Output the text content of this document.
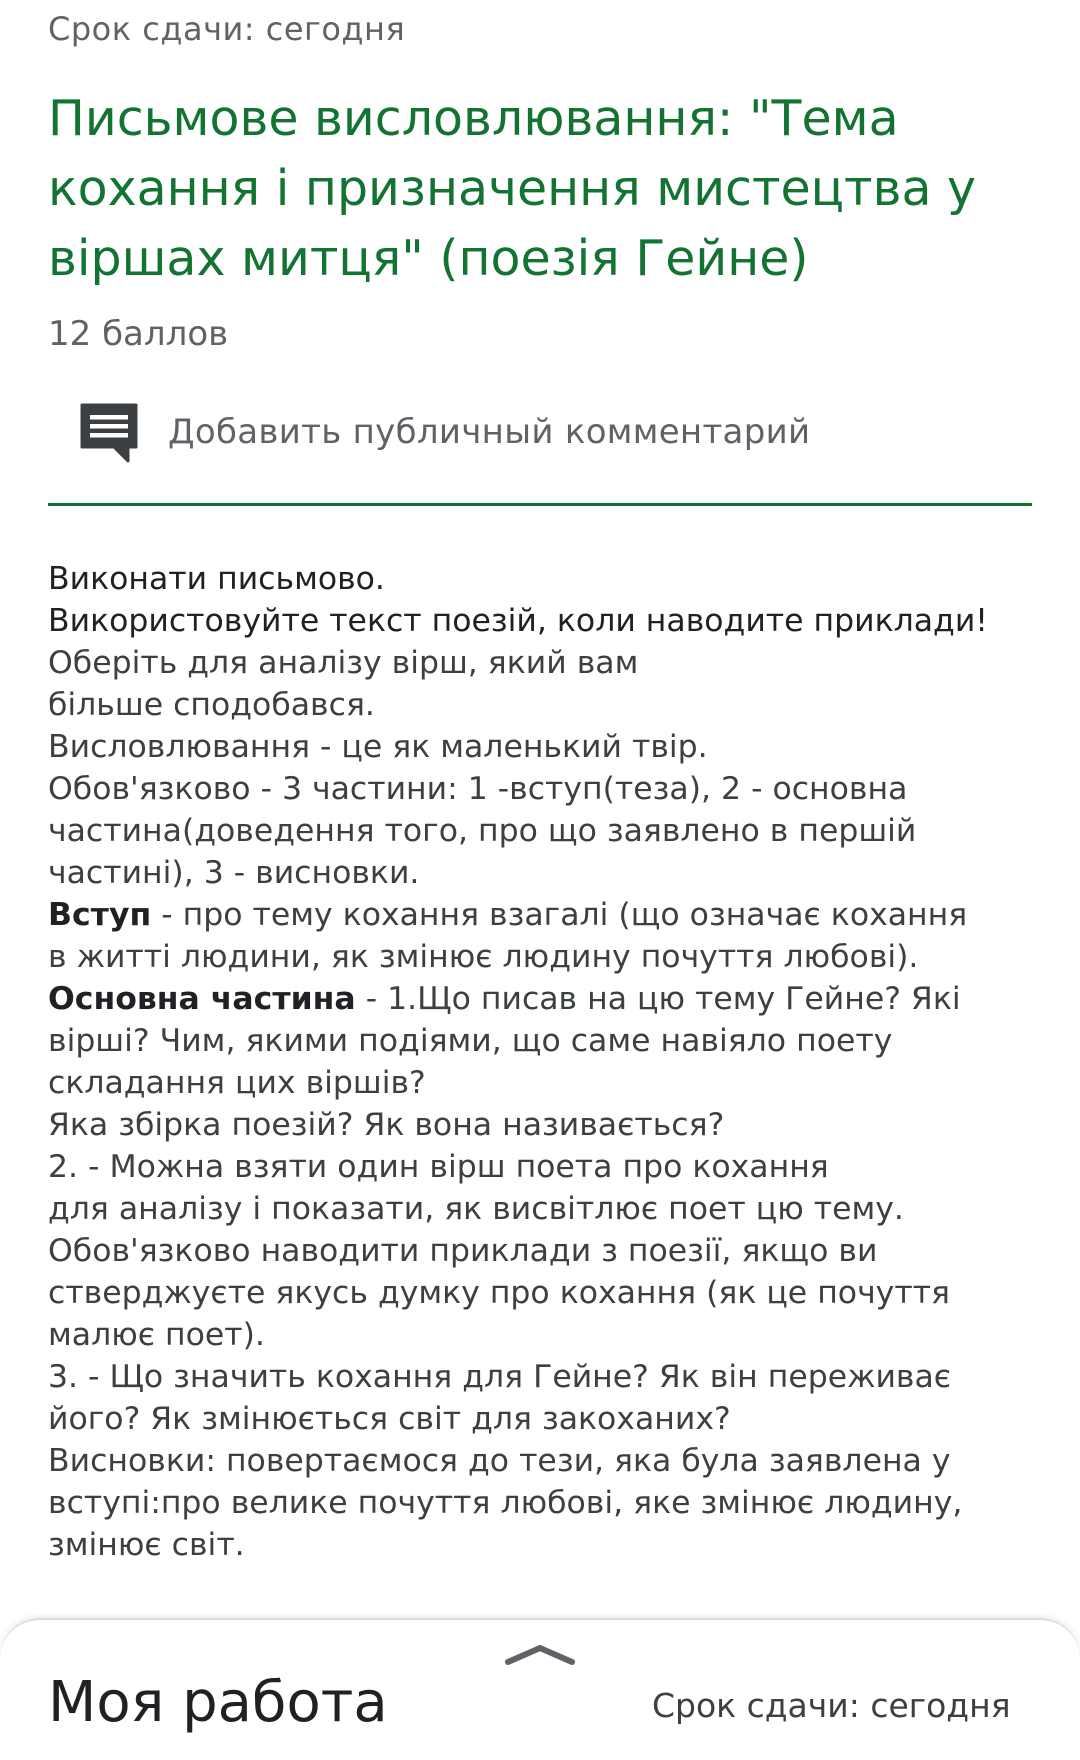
Срок сдачи: сегодня
Письмове висловлювання: "Тема кохання і призначення мистецтва у віршах митця" (поезія Гейне)
12 баллов
Добавить публичный комментарий
Виконати письмово.
Використовуйте текст поезій, коли наводите приклади!
Оберіть для аналізу вірш, який вам
більше сподобався.
Висловлювання - це як маленький твір.
Обов'язково - 3 частини: 1 -вступ(теза), 2 - основна
частина(доведення того, про що заявлено в першій
частині), 3 - висновки.
Вступ - про тему кохання взагалі (що означає кохання
в житті людини, як змінює людину почуття любові).
Основна частина - 1.Що писав на цю тему Гейне? Які
вірші? Чим, якими подіями, що саме навіяло поету
складання цих віршів?
Яка збірка поезій? Як вона називається?
2. - Можна взяти один вірш поета про кохання
для аналізу і показати, як висвітлює поет цю тему.
Обов'язково наводити приклади з поезії, якщо ви
стверджуєте якусь думку про кохання (як це почуття
малює поет).
3. - Що значить кохання для Гейне? Як він переживає
його? Як змінюється світ для закоханих?
Висновки: повертаємося до тези, яка була заявлена у
вступі:про велике почуття любові, яке змінює людину,
змінює світ.
Моя работа	Срок сдачи: сегодня
